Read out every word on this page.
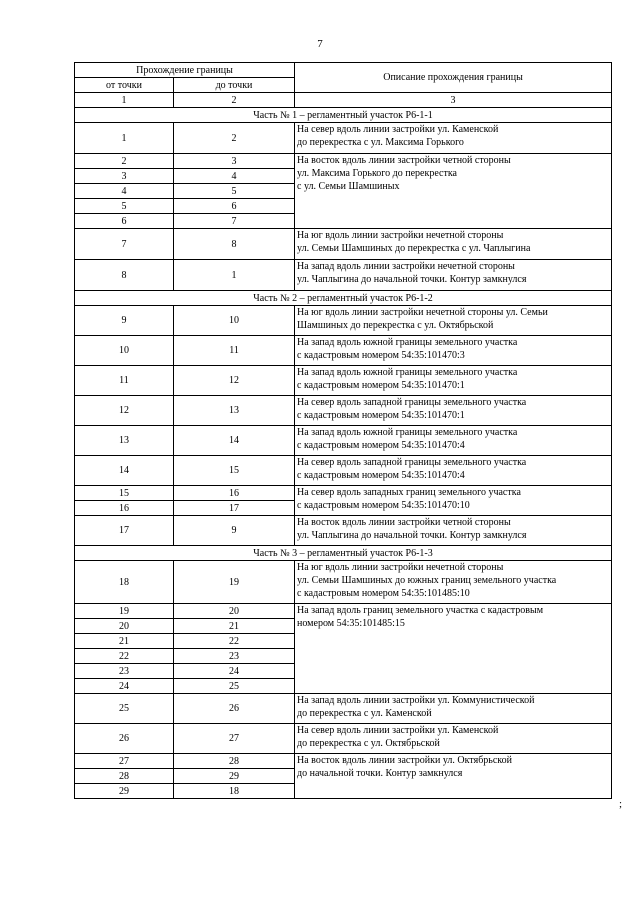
7
Прохождение границы		Описание прохождения границы
от точки	до точки	
1	2	3
Часть № 1 – регламентный участок Р6-1-1		
1	2	На север вдоль линии застройки ул. Каменской
до перекрестка с ул. Максима Горького
2	3	На восток вдоль линии застройки четной стороны
ул. Максима Горького до перекрестка
с ул. Семьи Шамшиных
3	4	
4	5	
5	6	
6	7	
7	8	На юг вдоль линии застройки нечетной стороны
ул. Семьи Шамшиных до перекрестка с ул. Чаплыгина
8	1	На запад вдоль линии застройки нечетной стороны
ул. Чаплыгина до начальной точки. Контур замкнулся
Часть № 2 – регламентный участок Р6-1-2		
9	10	На юг вдоль линии застройки нечетной стороны ул. Семьи
Шамшиных до перекрестка с ул. Октябрьской
10	11	На запад вдоль южной границы земельного участка
с кадастровым номером 54:35:101470:3
11	12	На запад вдоль южной границы земельного участка
с кадастровым номером 54:35:101470:1
12	13	На север вдоль западной границы земельного участка
с кадастровым номером 54:35:101470:1
13	14	На запад вдоль южной границы земельного участка
с кадастровым номером 54:35:101470:4
14	15	На север вдоль западной границы земельного участка
с кадастровым номером 54:35:101470:4
15	16	На север вдоль западных границ земельного участка
с кадастровым номером 54:35:101470:10
16	17	
17	9	На восток вдоль линии застройки четной стороны
ул. Чаплыгина до начальной точки. Контур замкнулся
Часть № 3 – регламентный участок Р6-1-3		
18	19	На юг вдоль линии застройки нечетной стороны
ул. Семьи Шамшиных до южных границ земельного участка
с кадастровым номером 54:35:101485:10
19	20	На запад вдоль границ земельного участка с кадастровым
номером 54:35:101485:15
20	21	
21	22	
22	23	
23	24	
24	25	
25	26	На запад вдоль линии застройки ул. Коммунистической
до перекрестка с ул. Каменской
26	27	На север вдоль линии застройки ул. Каменской
до перекрестка с ул. Октябрьской
27	28	На восток вдоль линии застройки ул. Октябрьской
до начальной точки. Контур замкнулся
28	29	
29	18	
;
